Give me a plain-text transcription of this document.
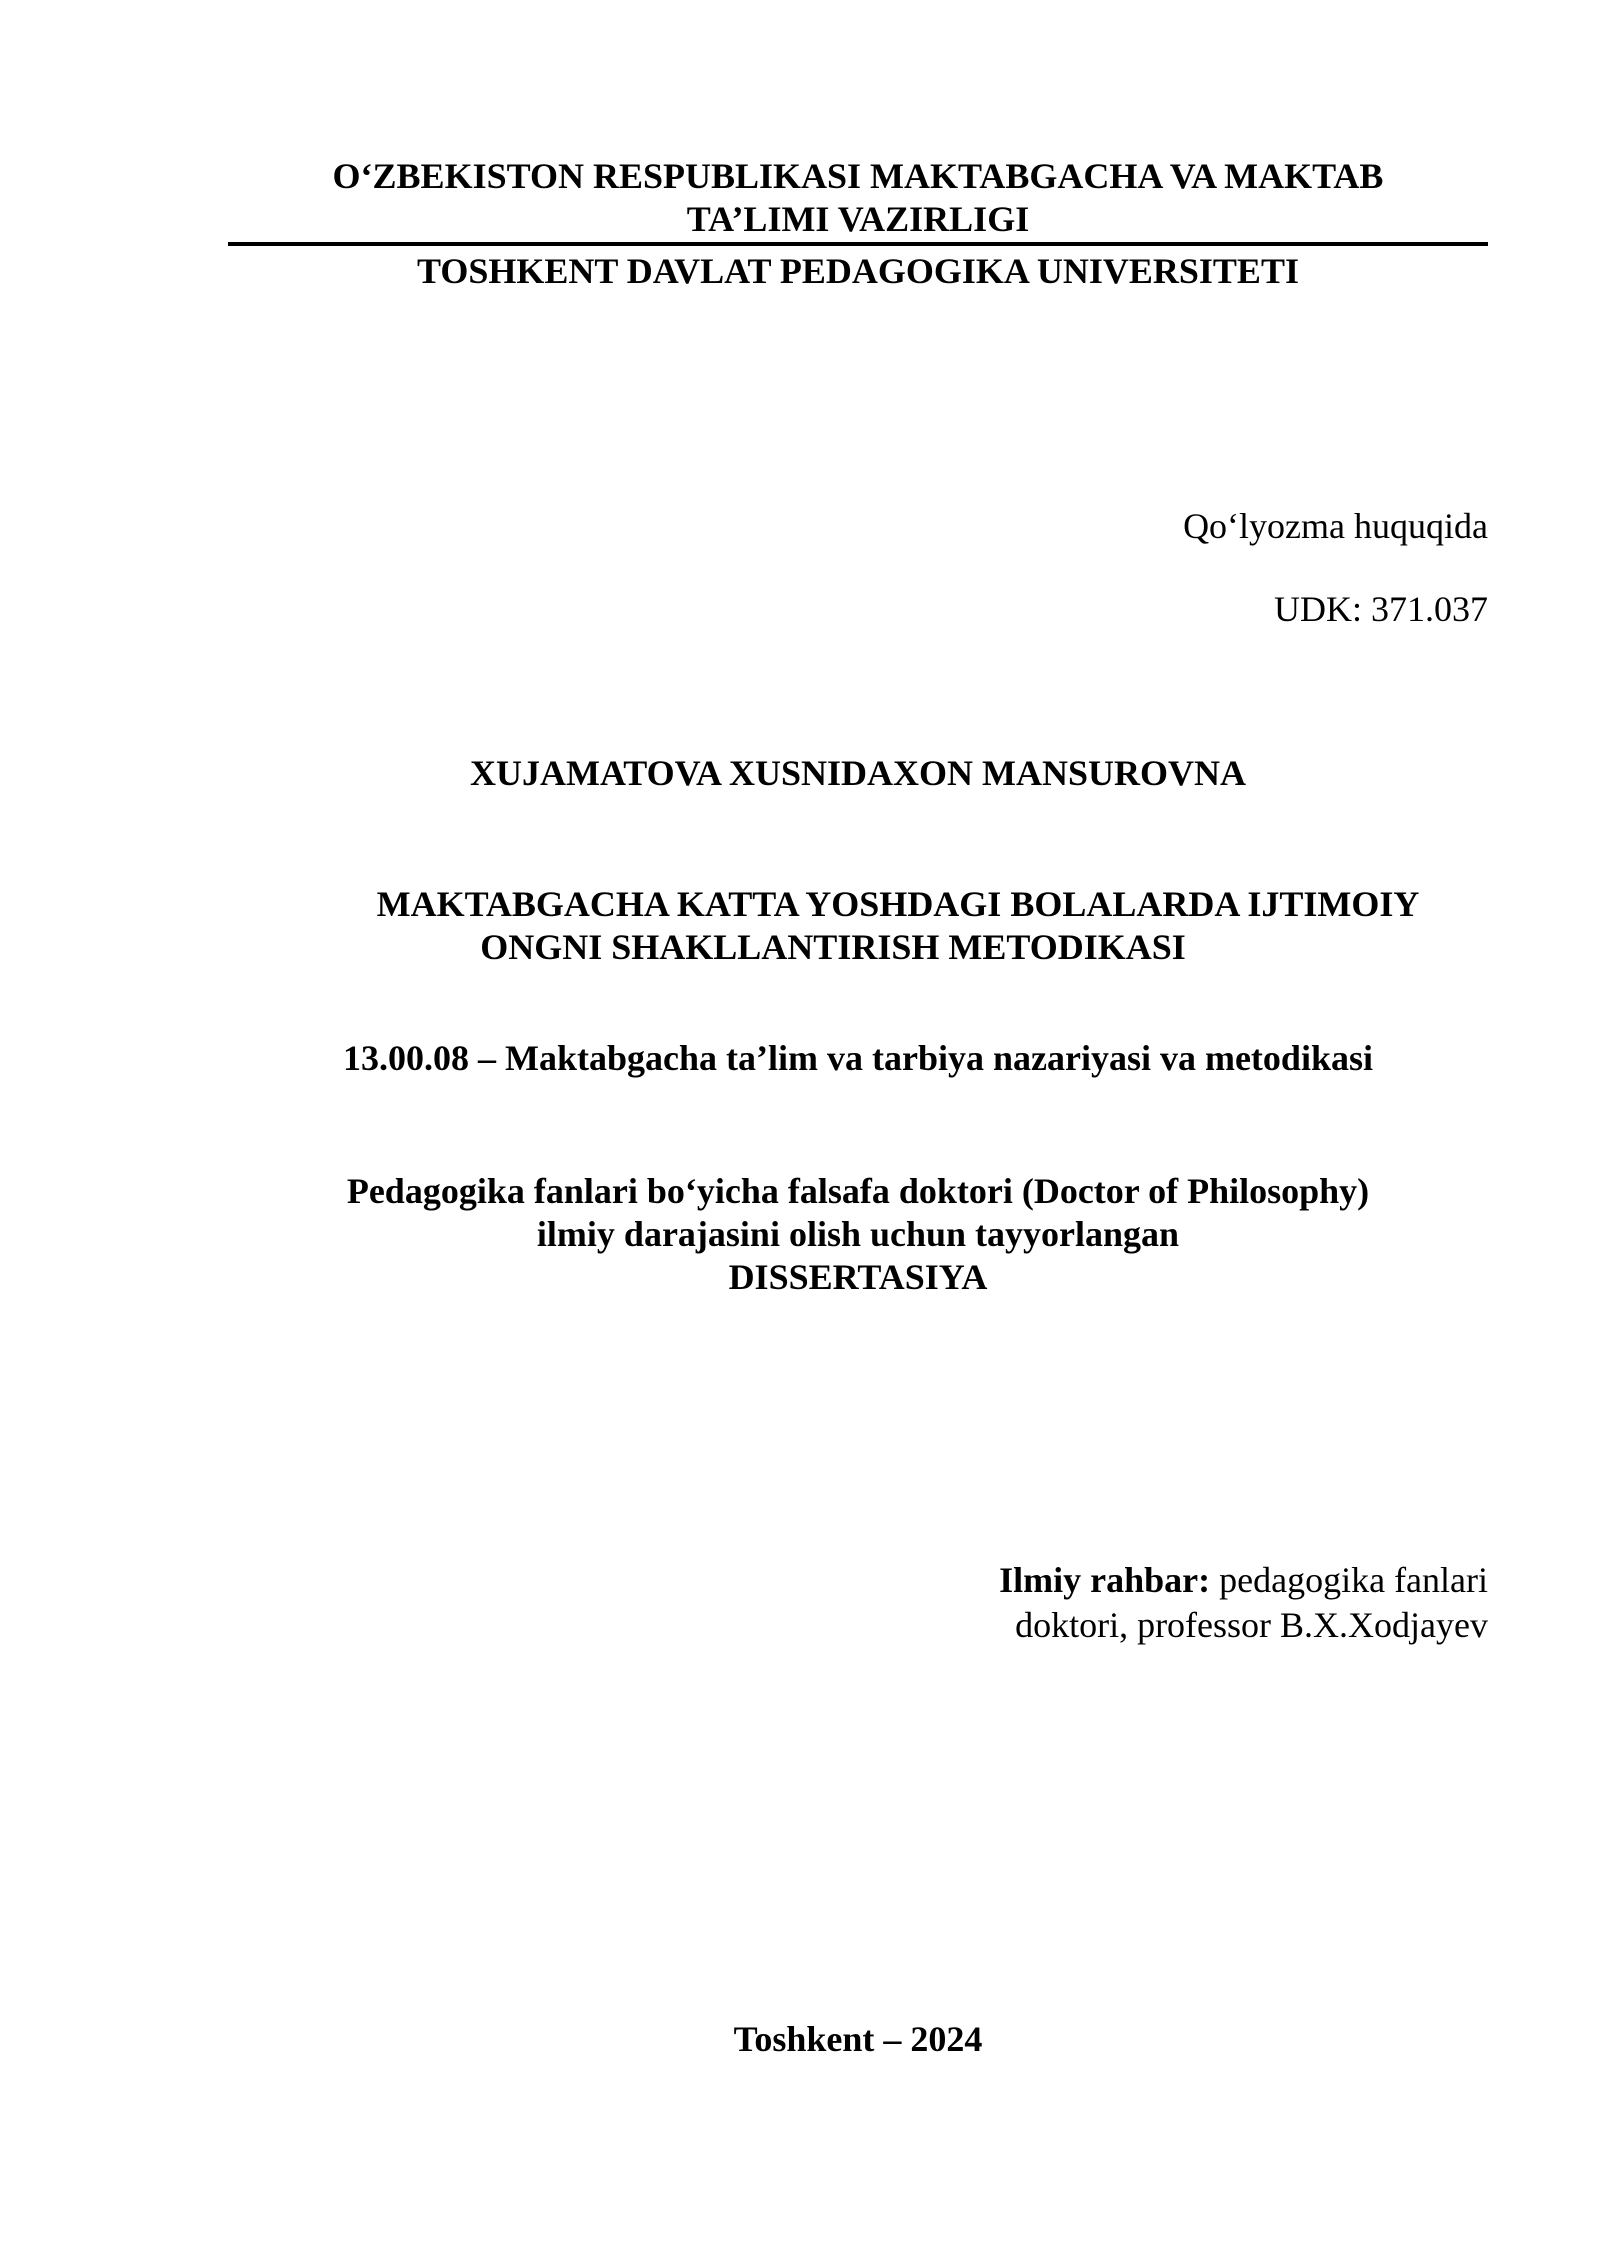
O‘ZBEKISTON RESPUBLIKASI MAKTABGACHA VA MAKTAB
TA’LIMI VAZIRLIGI
TOSHKENT DAVLAT PEDAGOGIKA UNIVERSITETI
Qo‘lyozma huquqida
UDK: 371.037
XUJAMATOVA XUSNIDAXON MANSUROVNA
MAKTABGACHA KATTA YOSHDAGI BOLALARDA IJTIMOIY
ONGNI SHAKLLANTIRISH METODIKASI
13.00.08 – Maktabgacha ta’lim va tarbiya nazariyasi va metodikasi
Pedagogika fanlari bo‘yicha falsafa doktori (Doctor of Philosophy)
ilmiy darajasini olish uchun tayyorlangan
DISSERTASIYA
Ilmiy rahbar: pedagogika fanlari
doktori, professor B.X.Xodjayev
Toshkent – 2024
